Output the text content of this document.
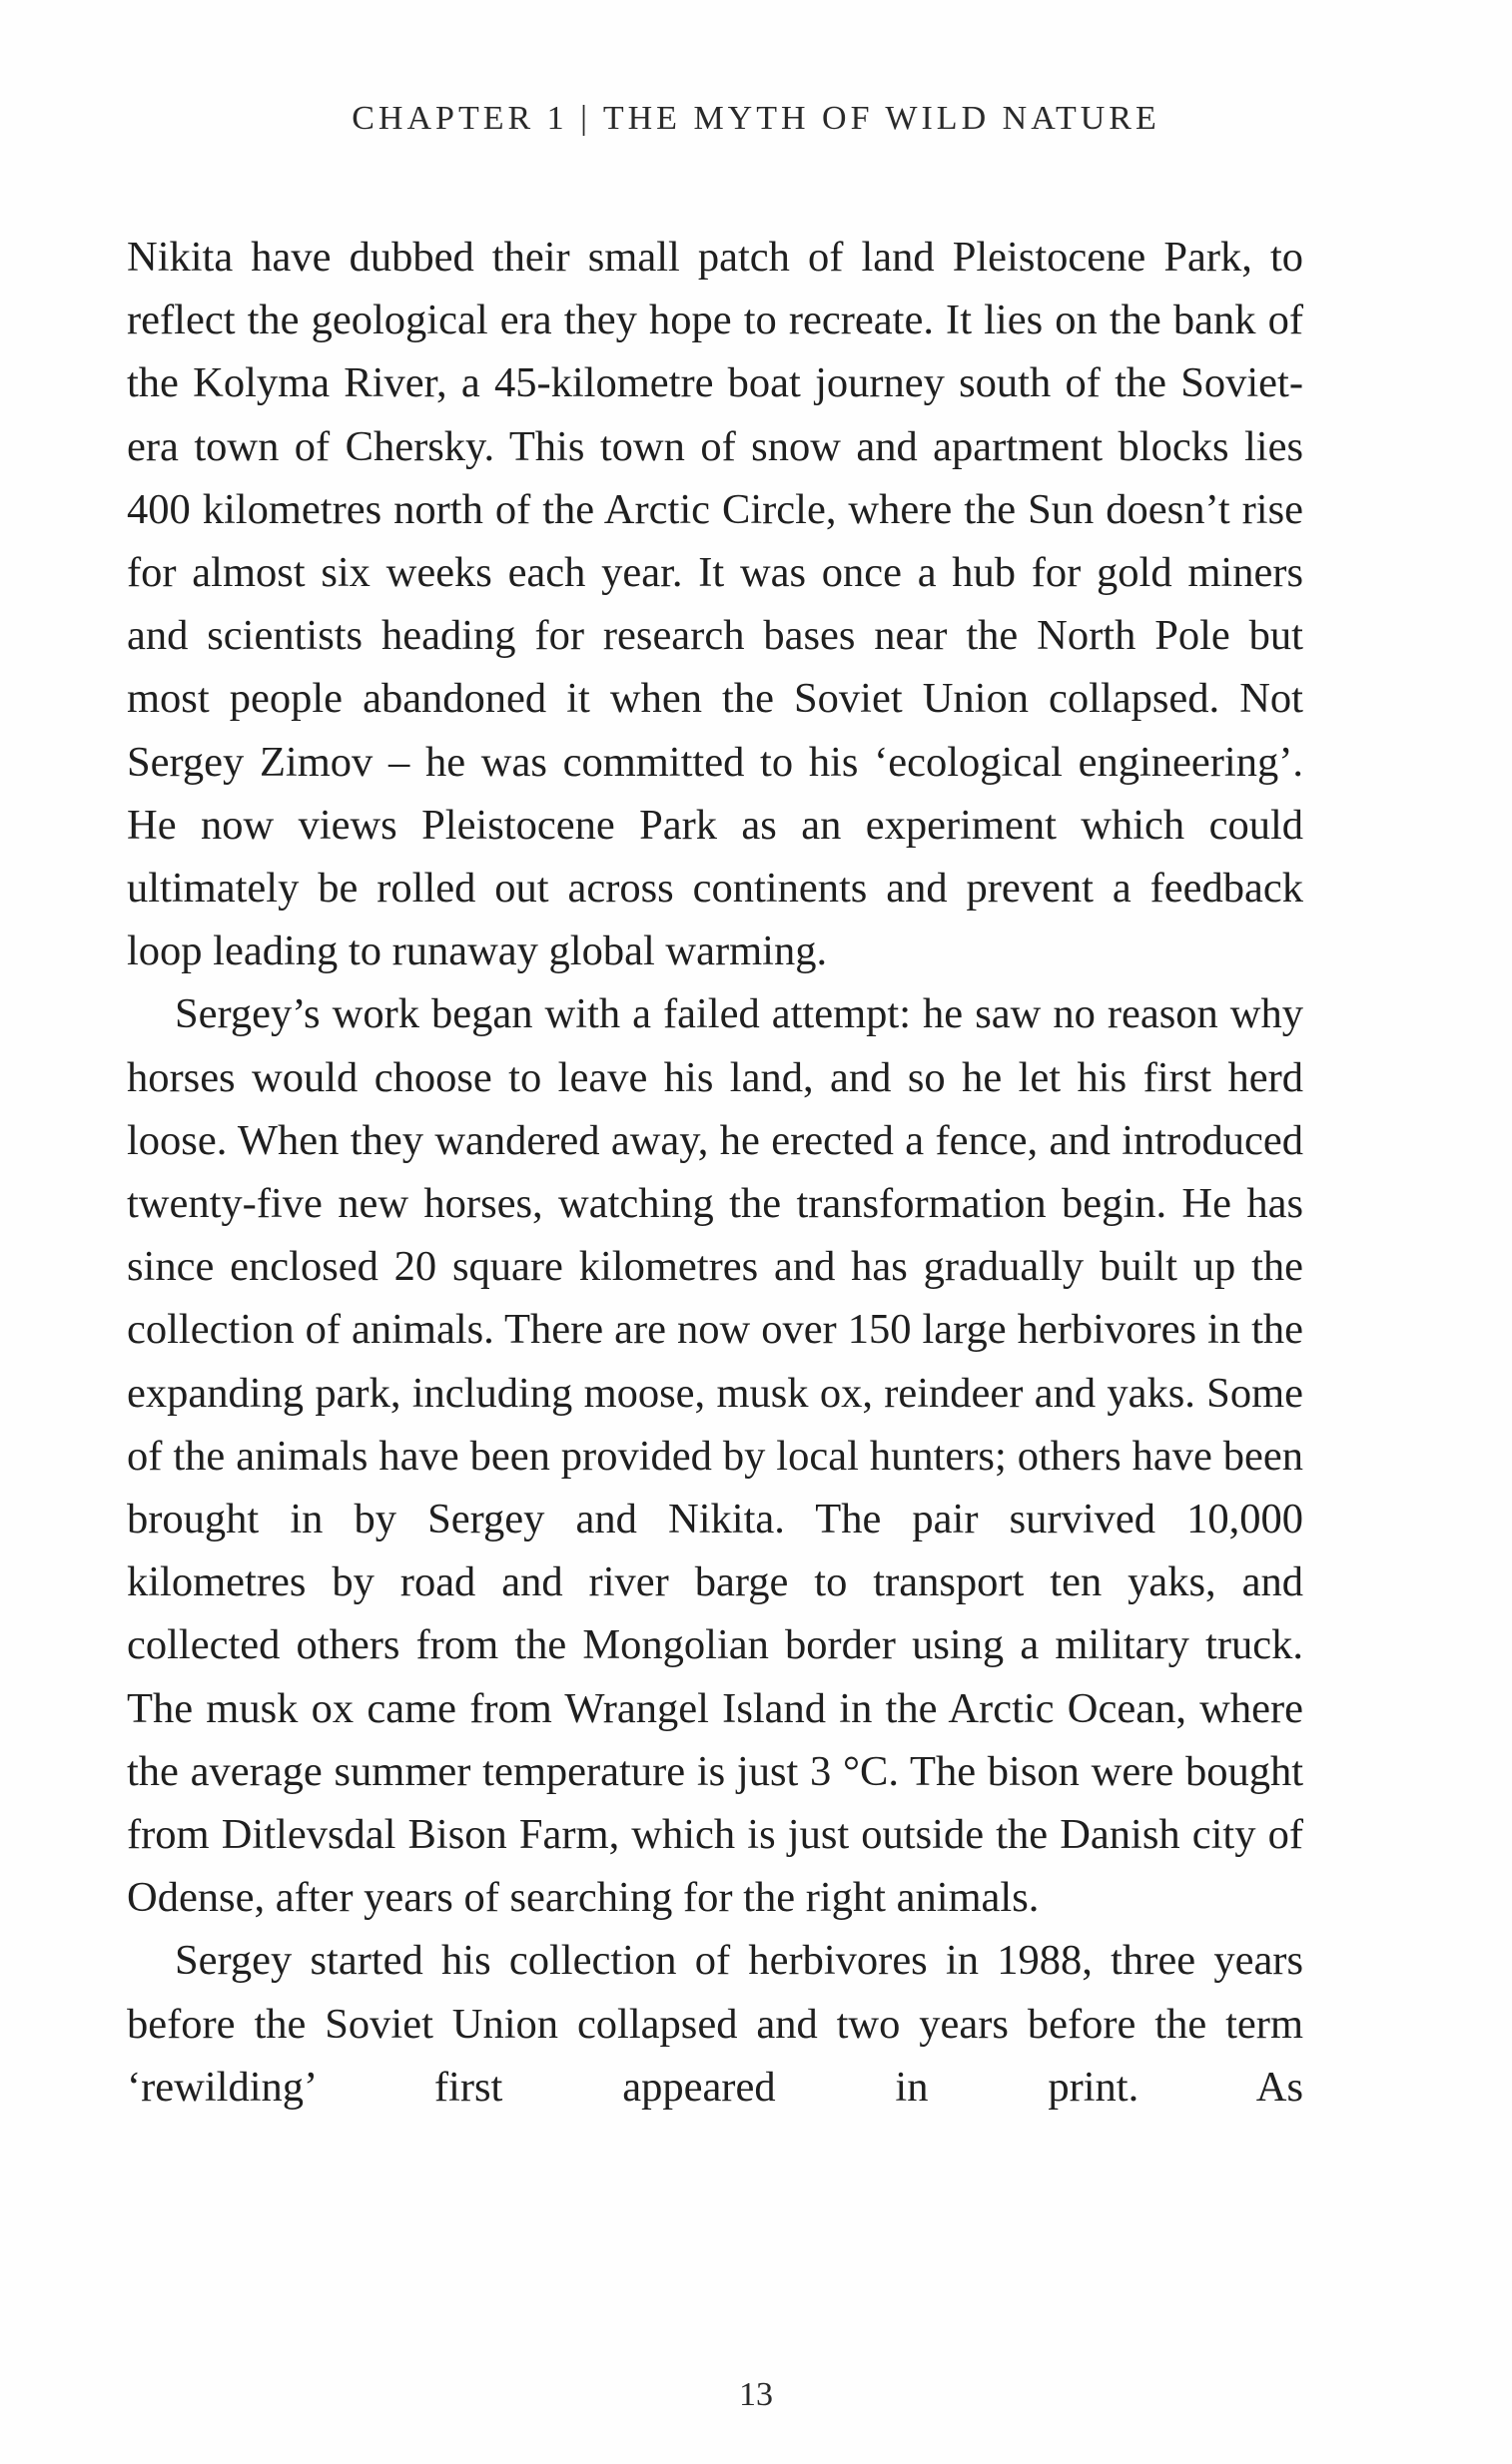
CHAPTER 1 | THE MYTH OF WILD NATURE

Nikita have dubbed their small patch of land Pleistocene Park, to reflect the geological era they hope to recreate. It lies on the bank of the Kolyma River, a 45-kilometre boat journey south of the Soviet-era town of Chersky. This town of snow and apartment blocks lies 400 kilometres north of the Arctic Circle, where the Sun doesn’t rise for almost six weeks each year. It was once a hub for gold miners and scientists heading for research bases near the North Pole but most people abandoned it when the Soviet Union collapsed. Not Sergey Zimov – he was committed to his ‘ecological engineering’. He now views Pleistocene Park as an experiment which could ultimately be rolled out across continents and prevent a feedback loop leading to runaway global warming.

Sergey’s work began with a failed attempt: he saw no reason why horses would choose to leave his land, and so he let his first herd loose. When they wandered away, he erected a fence, and introduced twenty-five new horses, watching the transformation begin. He has since enclosed 20 square kilometres and has gradually built up the collection of animals. There are now over 150 large herbivores in the expanding park, including moose, musk ox, reindeer and yaks. Some of the animals have been provided by local hunters; others have been brought in by Sergey and Nikita. The pair survived 10,000 kilometres by road and river barge to transport ten yaks, and collected others from the Mongolian border using a military truck. The musk ox came from Wrangel Island in the Arctic Ocean, where the average summer temperature is just 3 °C. The bison were bought from Ditlevsdal Bison Farm, which is just outside the Danish city of Odense, after years of searching for the right animals.

Sergey started his collection of herbivores in 1988, three years before the Soviet Union collapsed and two years before the term ‘rewilding’ first appeared in print. As

13
